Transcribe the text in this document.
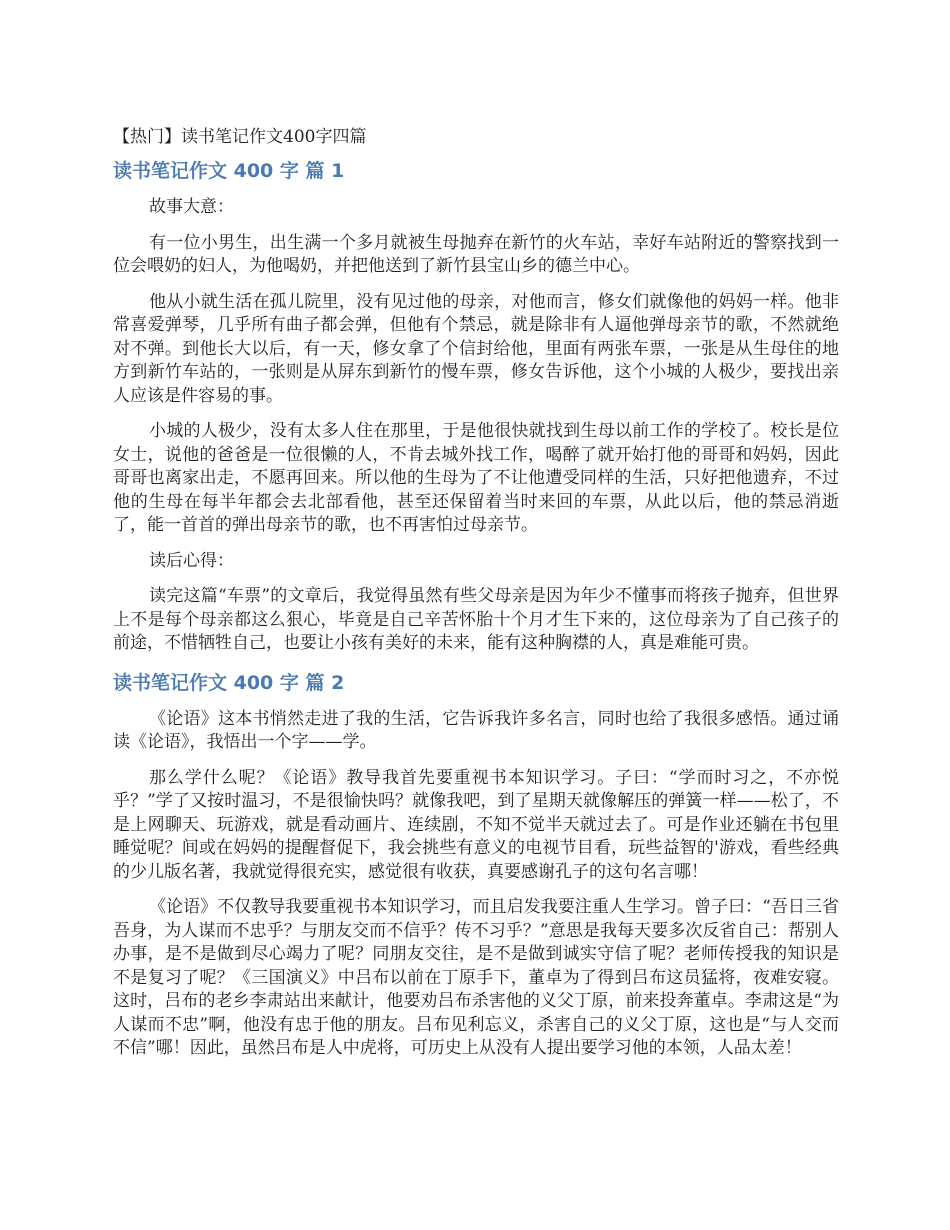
【热门】读书笔记作文400字四篇
读书笔记作文 400 字 篇 1

故事大意：

有一位小男生，出生满一个多月就被生母抛弃在新竹的火车站，幸好车站附近的警察找到一位会喂奶的妇人，为他喝奶，并把他送到了新竹县宝山乡的德兰中心。

他从小就生活在孤儿院里，没有见过他的母亲，对他而言，修女们就像他的妈妈一样。他非常喜爱弹琴，几乎所有曲子都会弹，但他有个禁忌，就是除非有人逼他弹母亲节的歌，不然就绝对不弹。到他长大以后，有一天，修女拿了个信封给他，里面有两张车票，一张是从生母住的地方到新竹车站的，一张则是从屏东到新竹的慢车票，修女告诉他，这个小城的人极少，要找出亲人应该是件容易的事。

小城的人极少，没有太多人住在那里，于是他很快就找到生母以前工作的学校了。校长是位女士，说他的爸爸是一位很懒的人，不肯去城外找工作，喝醉了就开始打他的哥哥和妈妈，因此哥哥也离家出走，不愿再回来。所以他的生母为了不让他遭受同样的生活，只好把他遗弃，不过他的生母在每半年都会去北部看他，甚至还保留着当时来回的车票，从此以后，他的禁忌消逝了，能一首首的弹出母亲节的歌，也不再害怕过母亲节。

读后心得：

读完这篇“车票”的文章后，我觉得虽然有些父母亲是因为年少不懂事而将孩子抛弃，但世界上不是每个母亲都这么狠心，毕竟是自己辛苦怀胎十个月才生下来的，这位母亲为了自己孩子的前途，不惜牺牲自己，也要让小孩有美好的未来，能有这种胸襟的人，真是难能可贵。

读书笔记作文 400 字 篇 2

《论语》这本书悄然走进了我的生活，它告诉我许多名言，同时也给了我很多感悟。通过诵读《论语》，我悟出一个字——学。

那么学什么呢？《论语》教导我首先要重视书本知识学习。子曰：“学而时习之，不亦悦乎？”学了又按时温习，不是很愉快吗？就像我吧，到了星期天就像解压的弹簧一样——松了，不是上网聊天、玩游戏，就是看动画片、连续剧，不知不觉半天就过去了。可是作业还躺在书包里睡觉呢？间或在妈妈的提醒督促下，我会挑些有意义的电视节目看，玩些益智的'游戏，看些经典的少儿版名著，我就觉得很充实，感觉很有收获，真要感谢孔子的这句名言哪！

《论语》不仅教导我要重视书本知识学习，而且启发我要注重人生学习。曾子曰：“吾日三省吾身，为人谋而不忠乎？与朋友交而不信乎？传不习乎？”意思是我每天要多次反省自己：帮别人办事，是不是做到尽心竭力了呢？同朋友交往，是不是做到诚实守信了呢？老师传授我的知识是不是复习了呢？《三国演义》中吕布以前在丁原手下，董卓为了得到吕布这员猛将，夜难安寝。这时，吕布的老乡李肃站出来献计，他要劝吕布杀害他的义父丁原，前来投奔董卓。李肃这是“为人谋而不忠”啊，他没有忠于他的朋友。吕布见利忘义，杀害自己的义父丁原，这也是“与人交而不信”哪！因此，虽然吕布是人中虎将，可历史上从没有人提出要学习他的本领，人品太差！
